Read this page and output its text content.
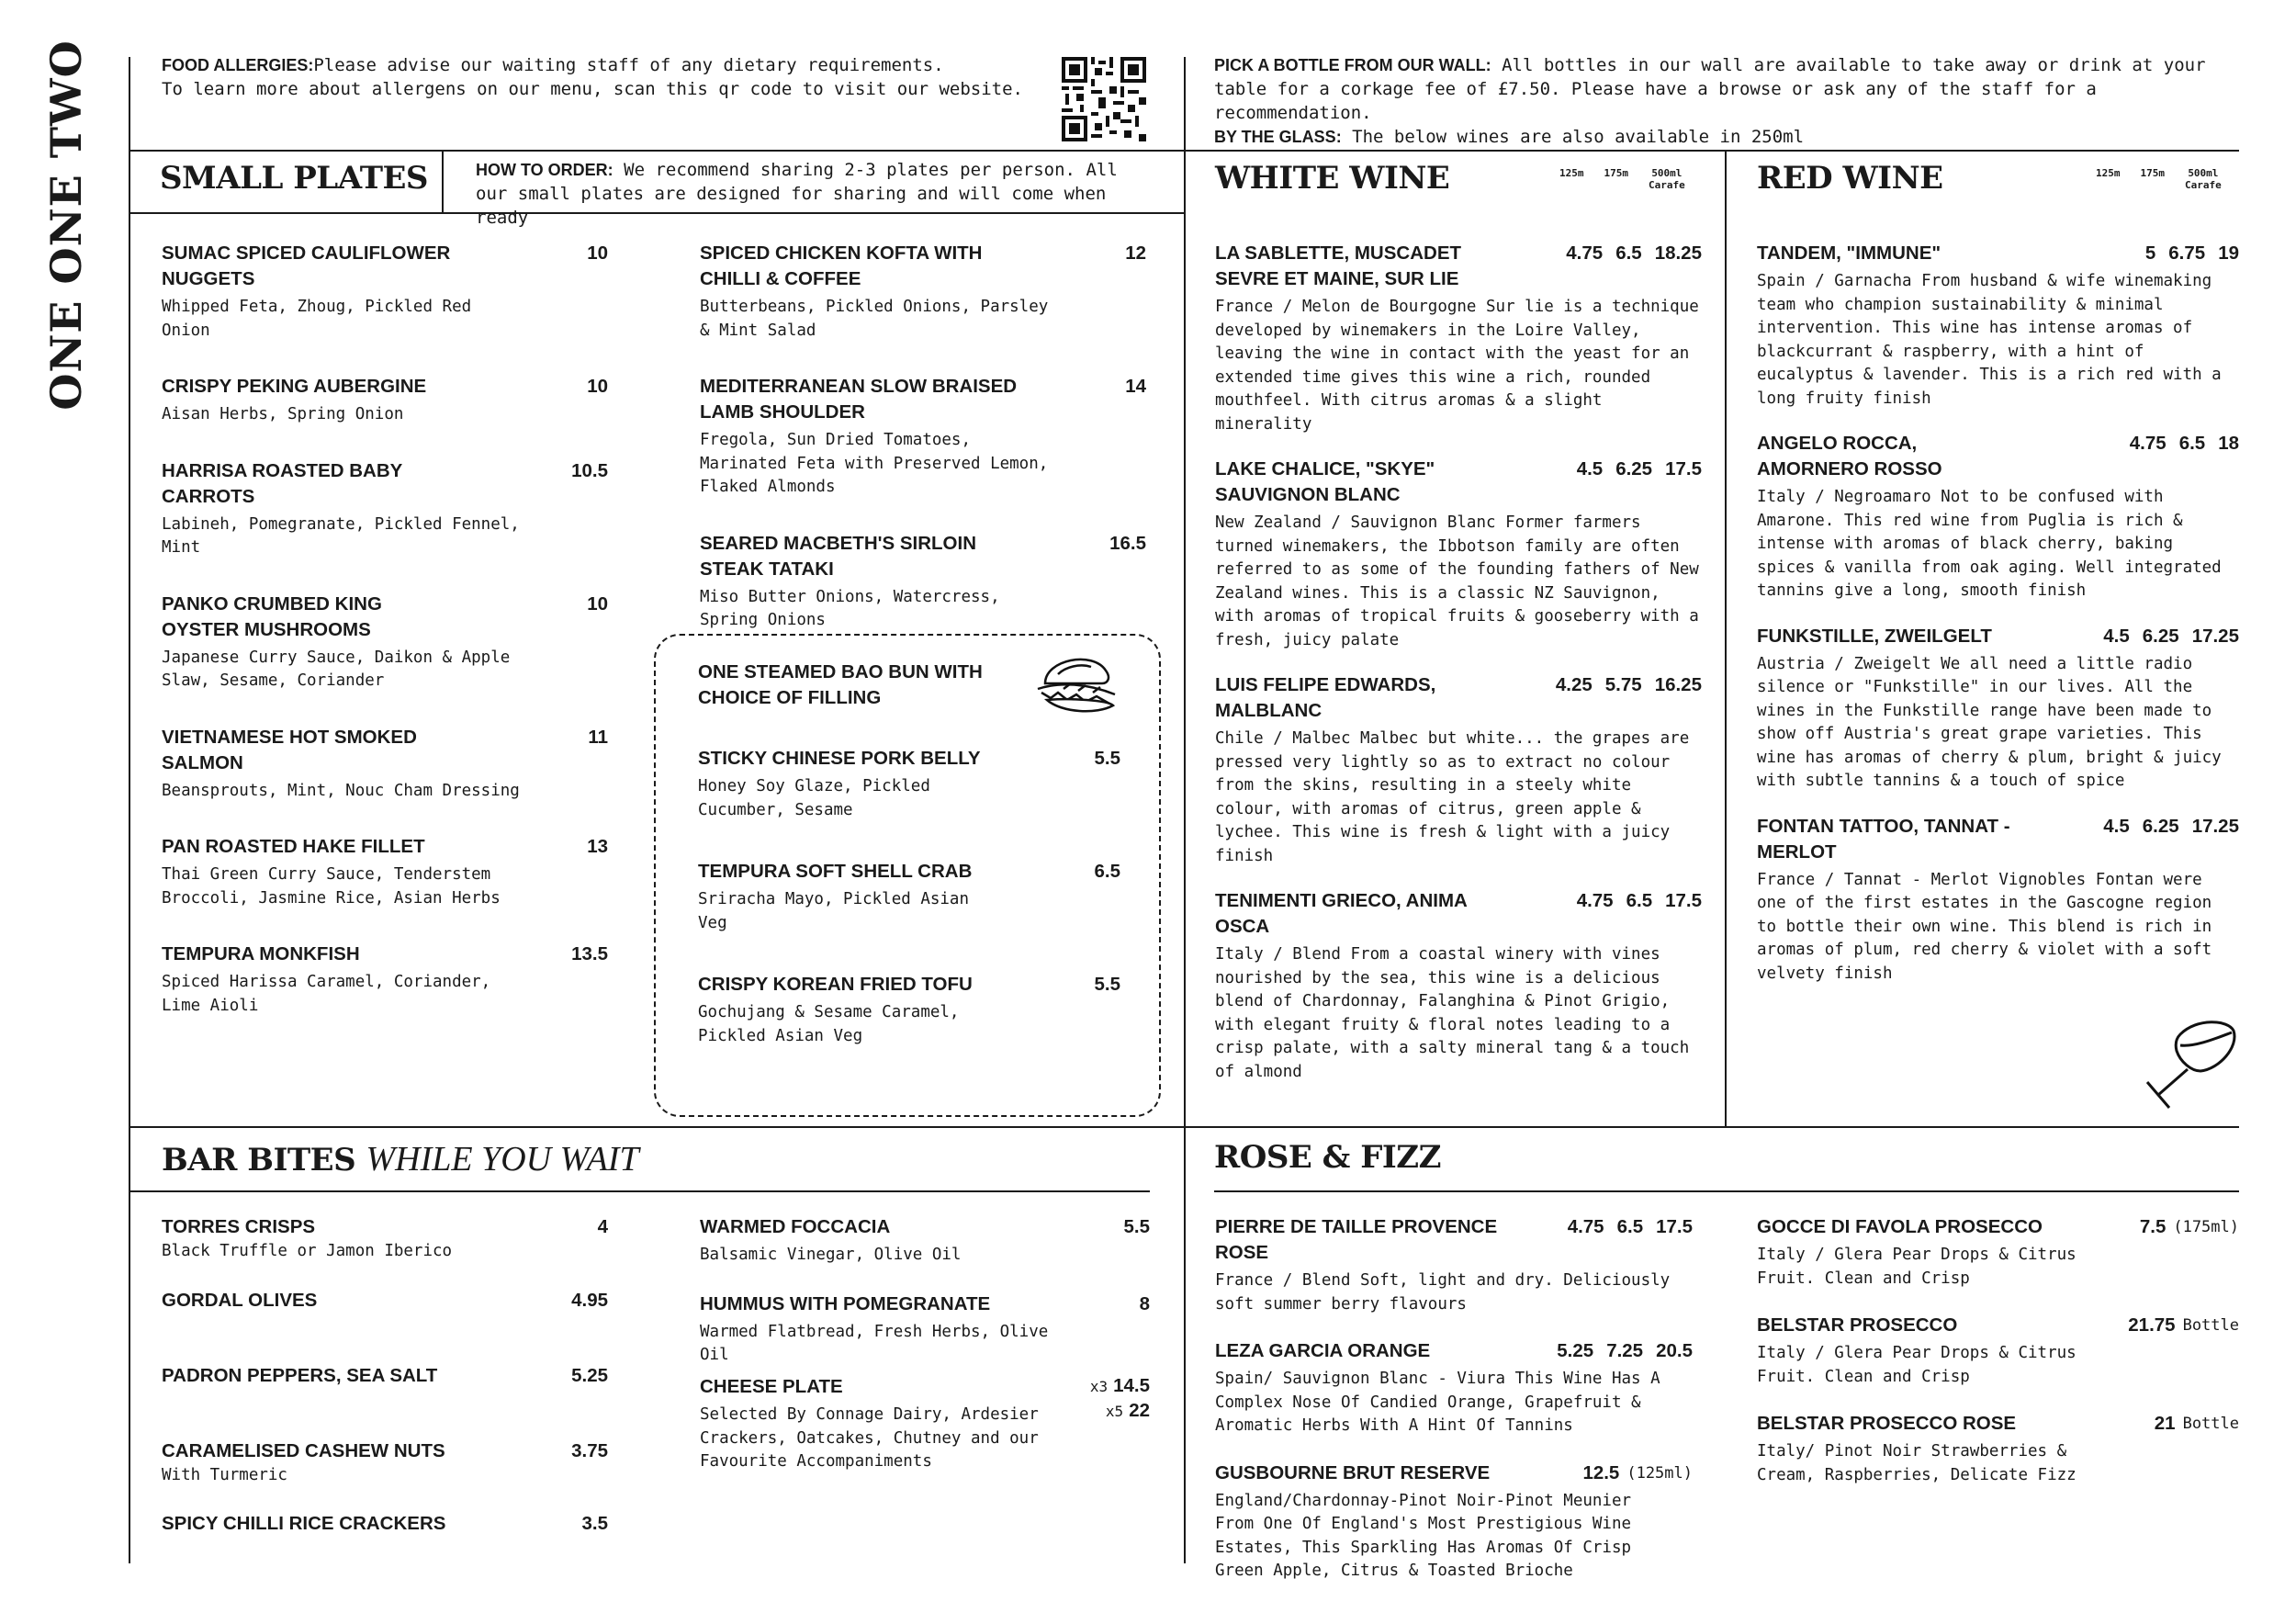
ONE ONE TWO	FOOD ALLERGIES:Please advise our waiting staff of any dietary requirements.
To learn more about allergens on our menu, scan this qr code to visit our website.
PICK A BOTTLE FROM OUR WALL: All bottles in our wall are available to take away or drink at your table for a corkage fee of £7.50. Please have a browse or ask any of the staff for a recommendation.
BY THE GLASS: The below wines are also available in 250ml
SMALL PLATES	HOW TO ORDER: We recommend sharing 2-3 plates per person. All our small plates are designed for sharing and will come when ready
SUMAC SPICED CAULIFLOWER NUGGETS
10
Whipped Feta, Zhoug, Pickled Red Onion
CRISPY PEKING AUBERGINE	10
Aisan Herbs, Spring Onion
HARRISA ROASTED BABY CARROTS
10.5
Labineh, Pomegranate, Pickled Fennel, Mint
PANKO CRUMBED KING OYSTER MUSHROOMS
10
Japanese Curry Sauce, Daikon & Apple Slaw, Sesame, Coriander
VIETNAMESE HOT SMOKED SALMON
11
Beansprouts, Mint, Nouc Cham Dressing
PAN ROASTED HAKE FILLET	13
Thai Green Curry Sauce, Tenderstem Broccoli, Jasmine Rice, Asian Herbs
TEMPURA MONKFISH	13.5
Spiced Harissa Caramel, Coriander, Lime Aioli
SPICED CHICKEN KOFTA WITH CHILLI & COFFEE
12
Butterbeans, Pickled Onions, Parsley & Mint Salad
MEDITERRANEAN SLOW BRAISED LAMB SHOULDER
14
Fregola, Sun Dried Tomatoes, Marinated Feta with Preserved Lemon, Flaked Almonds
SEARED MACBETH'S SIRLOIN STEAK TATAKI
16.5
Miso Butter Onions, Watercress, Spring Onions
ONE STEAMED BAO BUN WITH CHOICE OF FILLING
STICKY CHINESE PORK BELLY	5.5
Honey Soy Glaze, Pickled Cucumber, Sesame
TEMPURA SOFT SHELL CRAB	6.5
Sriracha Mayo, Pickled Asian Veg
CRISPY KOREAN FRIED TOFU	5.5
Gochujang & Sesame Caramel, Pickled Asian Veg
WHITE WINE	125m 175m	500ml
Carafe
LA SABLETTE, MUSCADET SEVRE ET MAINE, SUR LIE
4.75 6.5 18.25
France / Melon de Bourgogne Sur lie is a technique developed by winemakers in the Loire Valley, leaving the wine in contact with the yeast for an extended time gives this wine a rich, rounded mouthfeel. With citrus aromas & a slight minerality
LAKE CHALICE, "SKYE" SAUVIGNON BLANC
4.5 6.25 17.5
New Zealand / Sauvignon Blanc Former farmers turned winemakers, the Ibbotson family are often referred to as some of the founding fathers of New Zealand wines. This is a classic NZ Sauvignon, with aromas of tropical fruits & gooseberry with a fresh, juicy palate
LUIS FELIPE EDWARDS, MALBLANC
4.25 5.75 16.25
Chile / Malbec Malbec but white... the grapes are pressed very lightly so as to extract no colour from the skins, resulting in a steely white colour, with aromas of citrus, green apple & lychee. This wine is fresh & light with a juicy finish
TENIMENTI GRIECO, ANIMA OSCA
4.75 6.5 17.5
Italy / Blend From a coastal winery with vines nourished by the sea, this wine is a delicious blend of Chardonnay, Falanghina & Pinot Grigio, with elegant fruity & floral notes leading to a crisp palate, with a salty mineral tang & a touch of almond
RED WINE	125m 175m	500ml
Carafe
TANDEM, "IMMUNE"	5 6.75 19
Spain / Garnacha From husband & wife winemaking team who champion sustainability & minimal intervention. This wine has intense aromas of blackcurrant & raspberry, with a hint of eucalyptus & lavender. This is a rich red with a long fruity finish
ANGELO ROCCA, AMORNERO ROSSO
4.75 6.5 18
Italy / Negroamaro Not to be confused with Amarone. This red wine from Puglia is rich & intense with aromas of black cherry, baking spices & vanilla from oak aging. Well integrated tannins give a long, smooth finish
FUNKSTILLE, ZWEILGELT	4.5 6.25 17.25
Austria / Zweigelt We all need a little radio silence or "Funkstille" in our lives. All the wines in the Funkstille range have been made to show off Austria's great grape varieties. This wine has aromas of cherry & plum, bright & juicy with subtle tannins & a touch of spice
FONTAN TATTOO, TANNAT - MERLOT
4.5 6.25 17.25
France / Tannat - Merlot Vignobles Fontan were one of the first estates in the Gascogne region to bottle their own wine. This blend is rich in aromas of plum, red cherry & violet with a soft velvety finish
BAR BITES WHILE YOU WAIT
TORRES CRISPS	4
Black Truffle or Jamon Iberico
GORDAL OLIVES	4.95
PADRON PEPPERS, SEA SALT	5.25
CARAMELISED CASHEW NUTS	3.75
With Turmeric
SPICY CHILLI RICE CRACKERS	3.5
WARMED FOCCACIA	5.5
Balsamic Vinegar, Olive Oil
HUMMUS WITH POMEGRANATE	8
Warmed Flatbread, Fresh Herbs, Olive Oil
CHEESE PLATE	x3 14.5
x5 22
Selected By Connage Dairy, Ardesier Crackers, Oatcakes, Chutney and our Favourite Accompaniments
ROSE & FIZZ
PIERRE DE TAILLE PROVENCE ROSE
4.75 6.5 17.5
France / Blend Soft, light and dry. Deliciously soft summer berry flavours
LEZA GARCIA ORANGE	5.25 7.25 20.5
Spain/ Sauvignon Blanc - Viura This Wine Has A Complex Nose Of Candied Orange, Grapefruit & Aromatic Herbs With A Hint Of Tannins
GUSBOURNE BRUT RESERVE	12.5 (125ml)
England/Chardonnay-Pinot Noir-Pinot Meunier From One Of England's Most Prestigious Wine Estates, This Sparkling Has Aromas Of Crisp Green Apple, Citrus & Toasted Brioche
GOCCE DI FAVOLA PROSECCO	7.5 (175ml)
Italy / Glera Pear Drops & Citrus Fruit. Clean and Crisp
BELSTAR PROSECCO	21.75 Bottle
Italy / Glera Pear Drops & Citrus Fruit. Clean and Crisp
BELSTAR PROSECCO ROSE	21 Bottle
Italy/ Pinot Noir Strawberries & Cream, Raspberries, Delicate Fizz
